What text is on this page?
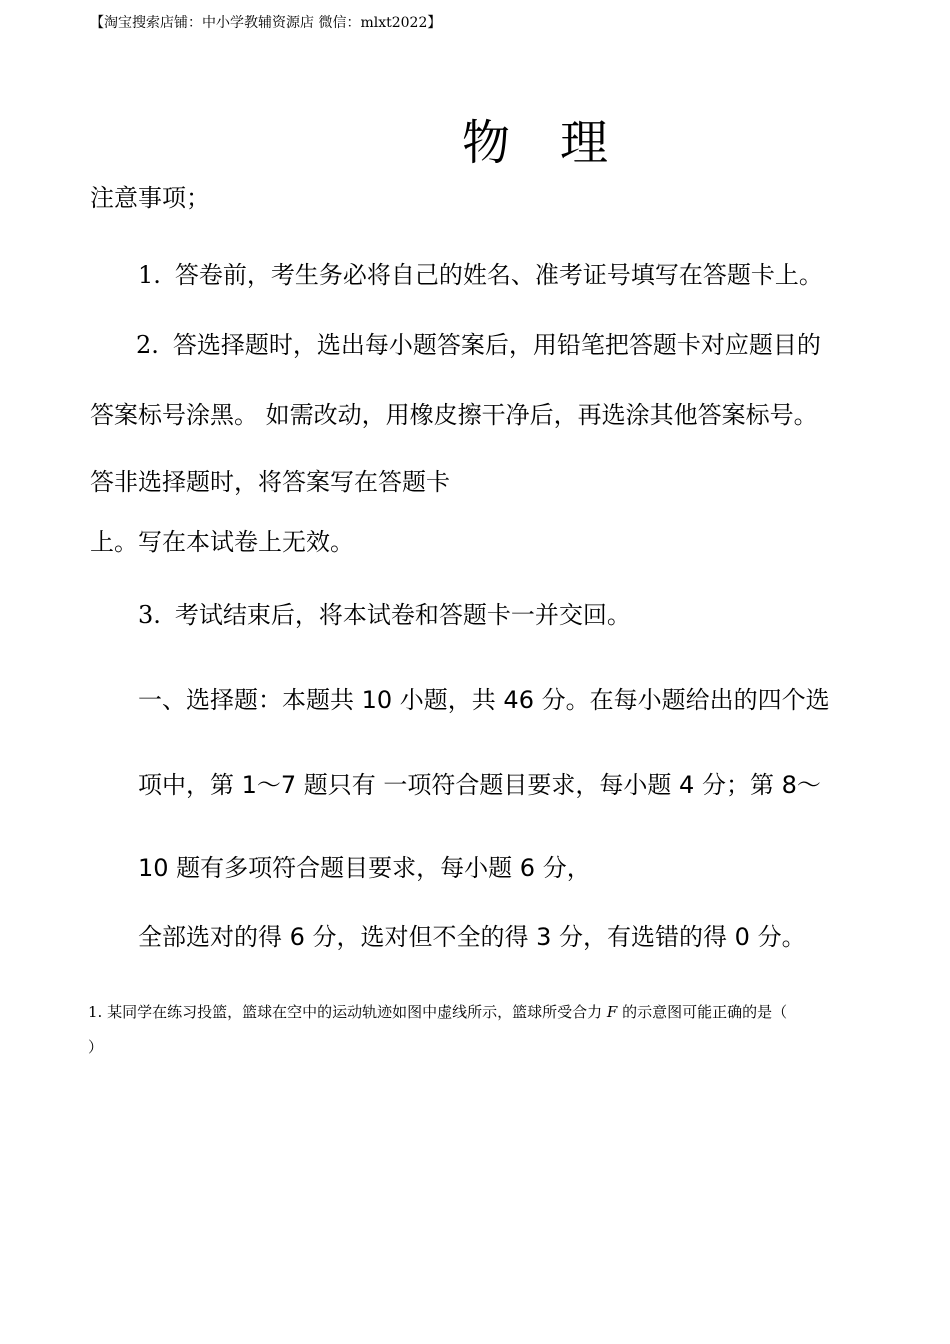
【淘宝搜索店铺：中小学教辅资源店 微信：mlxt2022】
物理
注意事项；
1. 答卷前，考生务必将自己的姓名、准考证号填写在答题卡上。
2. 答选择题时，选出每小题答案后，用铅笔把答题卡对应题目的
答案标号涂黑。 如需改动，用橡皮擦干净后，再选涂其他答案标号。
答非选择题时，将答案写在答题卡
上。写在本试卷上无效。
3. 考试结束后，将本试卷和答题卡一并交回。
一、选择题：本题共 10 小题，共 46 分。在每小题给出的四个选
项中，第 1～7 题只有 一项符合题目要求，每小题 4 分；第 8～
10 题有多项符合题目要求，每小题 6 分，
全部选对的得 6 分，选对但不全的得 3 分，有选错的得 0 分。
1. 某同学在练习投篮，篮球在空中的运动轨迹如图中虚线所示，篮球所受合力 F 的示意图可能正确的是（
）
